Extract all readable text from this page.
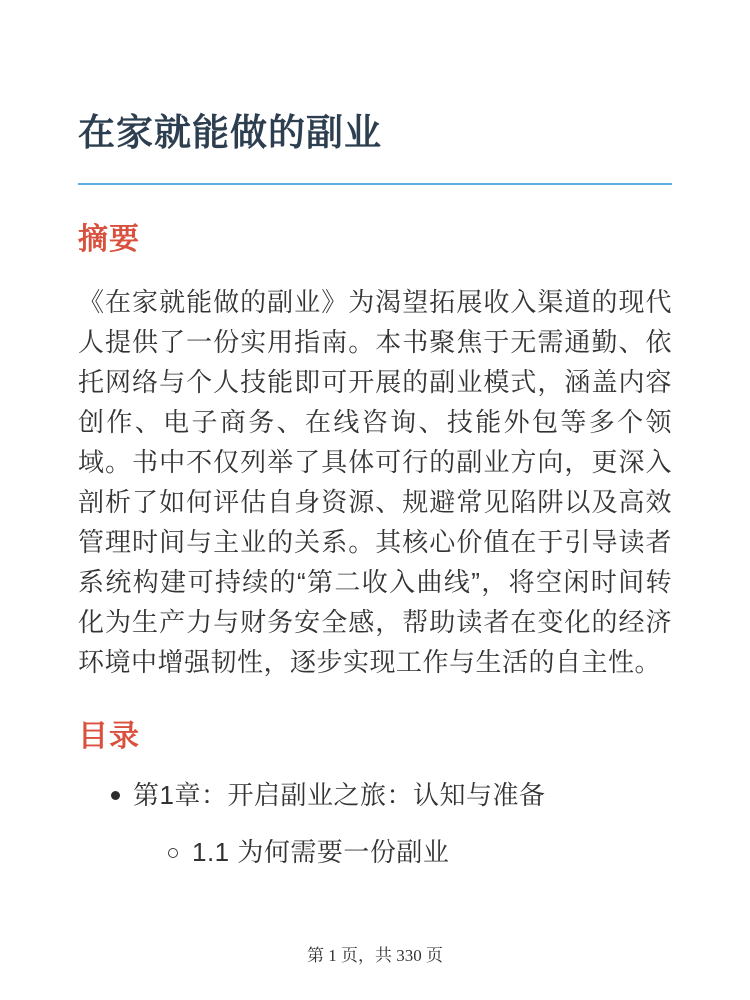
在家就能做的副业
摘要

《在家就能做的副业》为渴望拓展收入渠道的现代人提供了一份实用指南。本书聚焦于无需通勤、依托网络与个人技能即可开展的副业模式，涵盖内容创作、电子商务、在线咨询、技能外包等多个领域。书中不仅列举了具体可行的副业方向，更深入剖析了如何评估自身资源、规避常见陷阱以及高效管理时间与主业的关系。其核心价值在于引导读者系统构建可持续的“第二收入曲线”，将空闲时间转化为生产力与财务安全感，帮助读者在变化的经济环境中增强韧性，逐步实现工作与生活的自主性。

目录
第1章：开启副业之旅：认知与准备
1.1 为何需要一份副业
第 1 页，共 330 页
